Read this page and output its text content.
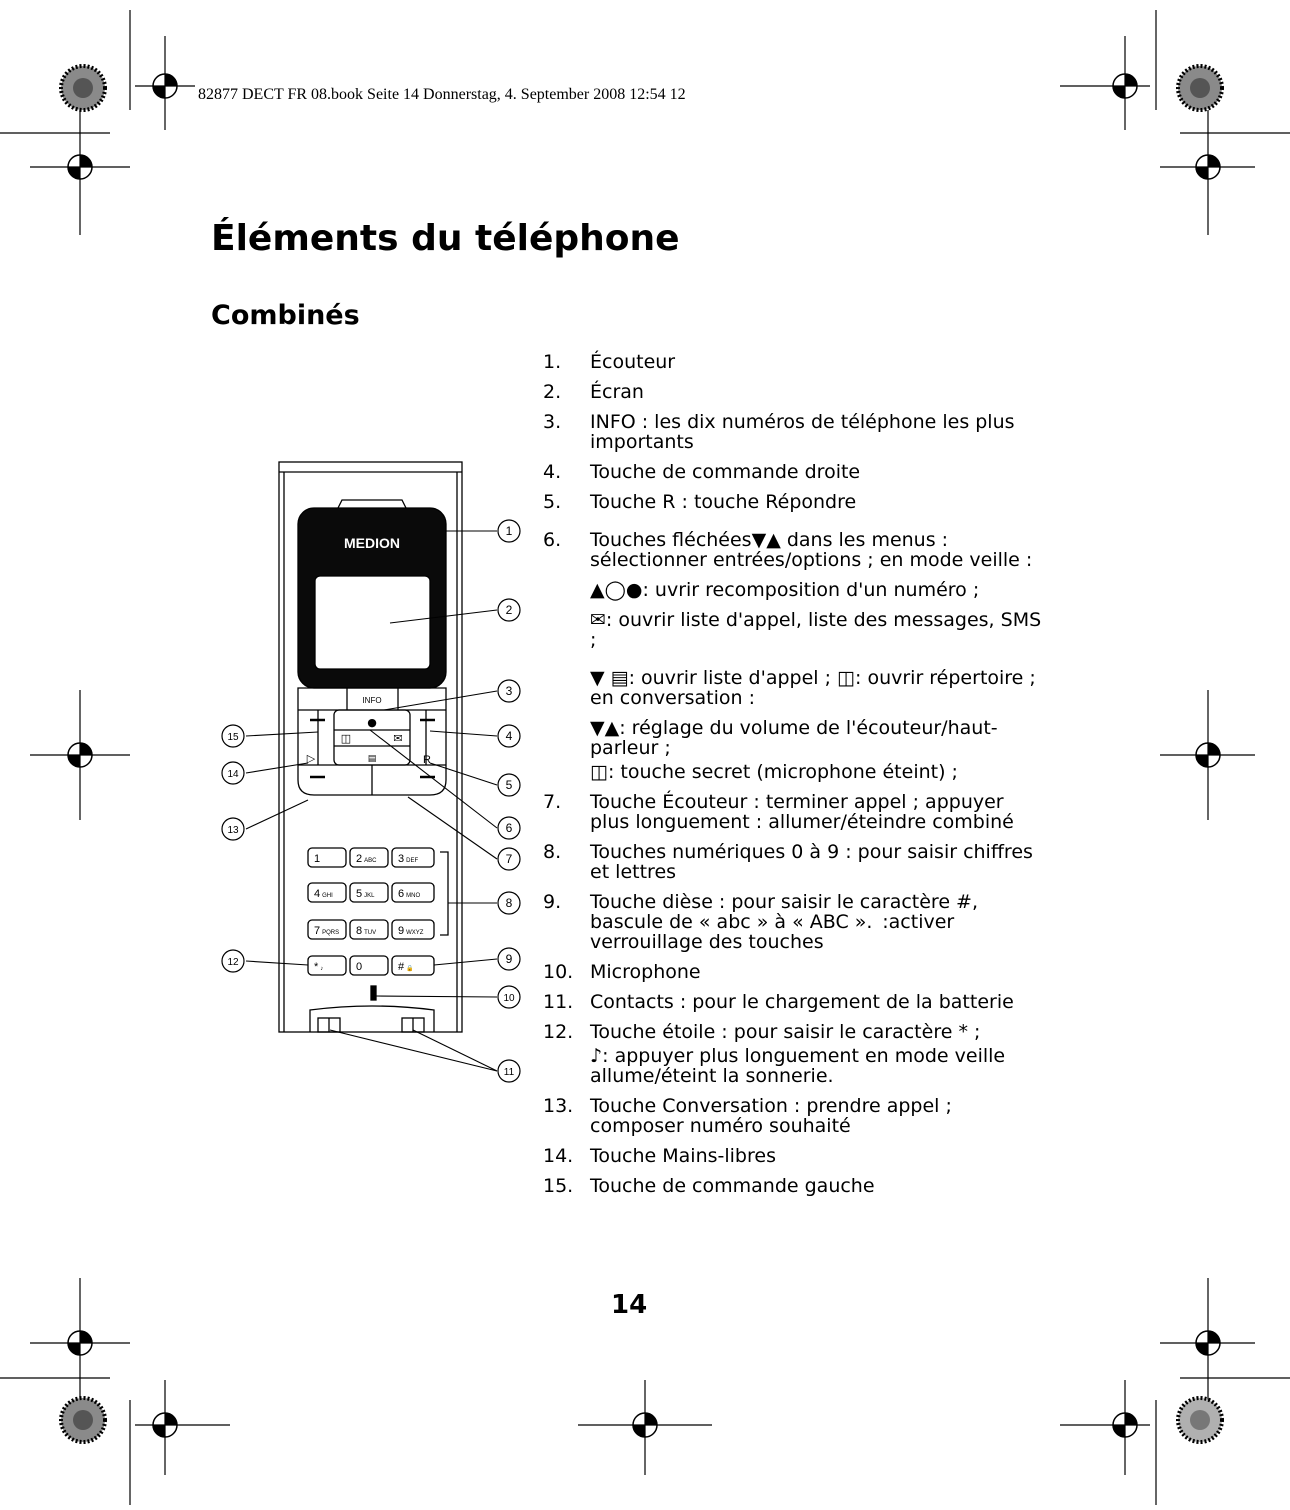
82877 DECT FR 08.book Seite 14 Donnerstag, 4. September 2008 12:54 12
Éléments du téléphone
Combinés
MEDION
INFO
R
●
▷
◫	✉
▤
1	2 ABC 3 DEF
4 GHI 5 JKL 6 MNO
7 PQRS 8 TUV 9 WXYZ
* ♪	0	# 🔒
1
2
3
4
5
6
7
8
9
10
11
12
13
14
15
1.	Écouteur
2.	Écran
3.	INFO : les dix numéros de téléphone les plus importants
4.	Touche de commande droite
5.	Touche R : touche Répondre
6.	Touches fléchées▼▲ dans les menus : sélectionner entrées/options ; en mode veille :
▲◯●: uvrir recomposition d'un numéro ;
✉: ouvrir liste d'appel, liste des messages, SMS ;
▼ ▤: ouvrir liste d'appel ; ◫: ouvrir répertoire ; en conversation :
▼▲: réglage du volume de l'écouteur/haut-parleur ;
◫: touche secret (microphone éteint) ;
7.	Touche Écouteur : terminer appel ; appuyer plus longuement : allumer/éteindre combiné
8.	Touches numériques 0 à 9 : pour saisir chiffres et lettres
9.	Touche dièse : pour saisir le caractère #, bascule de « abc » à « ABC ».  :activer verrouillage des touches
10. Microphone
11. Contacts : pour le chargement de la batterie
12. Touche étoile : pour saisir le caractère * ;
♪: appuyer plus longuement en mode veille allume/éteint la sonnerie.
13. Touche Conversation : prendre appel ; composer numéro souhaité
14. Touche Mains-libres
15. Touche de commande gauche
14
